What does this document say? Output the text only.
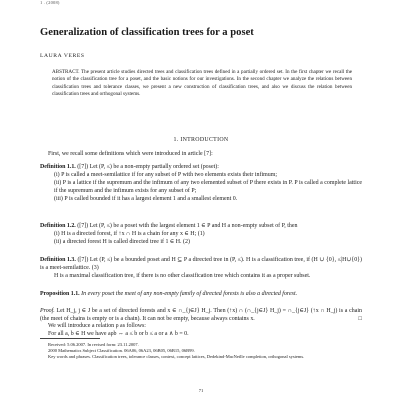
1 . (2008)
Generalization of classification trees for a poset
LAURA VERES
ABSTRACT. The present article studies directed trees and classification trees defined in a partially ordered set. In the first chapter we recall the notion of the classification tree for a poset, and the basic notions for our investigations. In the second chapter we analyze the relations between classification trees and tolerance classes, we present a new construction of classification trees, and also we discuss the relation between classification trees and orthogonal systems.
1. INTRODUCTION
First, we recall some definitions which were introduced in article [7]:
Definition 1.1. ([7]) Let (P, ≤) be a non-empty partially ordered set (poset):
(i) P is called a meet-semilattice if for any subset of P with two elements exists their infimum;
(ii) P is a lattice if the supremum and the infimum of any two elemented subset of P there exists in P. P is called a complete lattice if the supremum and the infimum exists for any subset of P;
(iii) P is called bounded if it has a largest element 1 and a smallest element 0.
Definition 1.2. ([7]) Let (P, ≤) be a poset with the largest element 1 ∈ P and H a non-empty subset of P, then
(i) H is a directed forest, if ↑x ∩ H is a chain for any x ∈ H; (1)
(ii) a directed forest H is called directed tree if 1 ∈ H. (2)
Definition 1.3. ([7]) Let (P, ≤) be a bounded poset and H ⊆ P a directed tree in (P, ≤). H is a classification tree, if (H ∪ {0}, ≤|H∪{0}) is a meet-semilattice. (3)
H is a maximal classification tree, if there is no other classification tree which contains it as a proper subset.
Proposition 1.1. In every poset the meet of any non-empty family of directed forests is also a directed forest.
Proof. Let H_j, j ∈ J be a set of directed forests and x ∈ ∩_{j∈J} H_j. Then (↑x) ∩ (∩_{j∈J} H_j) = ∩_{j∈J} (↑x ∩ H_j) is a chain (the meet of chains is empty or is a chain). It can not be empty, because always contains x.	□
We will introduce a relation ρ as follows:
For all a, b ∈ H we have aρb ⇔ a ≤ b or b ≤ a or a ∧ b = 0.
Received: 5.06.2007. In revised form: 23.11.2007.
2000 Mathematics Subject Classification. 06A06, 06A23, 06B05, 06B15, 06B99.
Key words and phrases. Classification trees, tolerance classes, context, concept lattices, Dedekind-MacNeille completion, orthogonal systems.
71
